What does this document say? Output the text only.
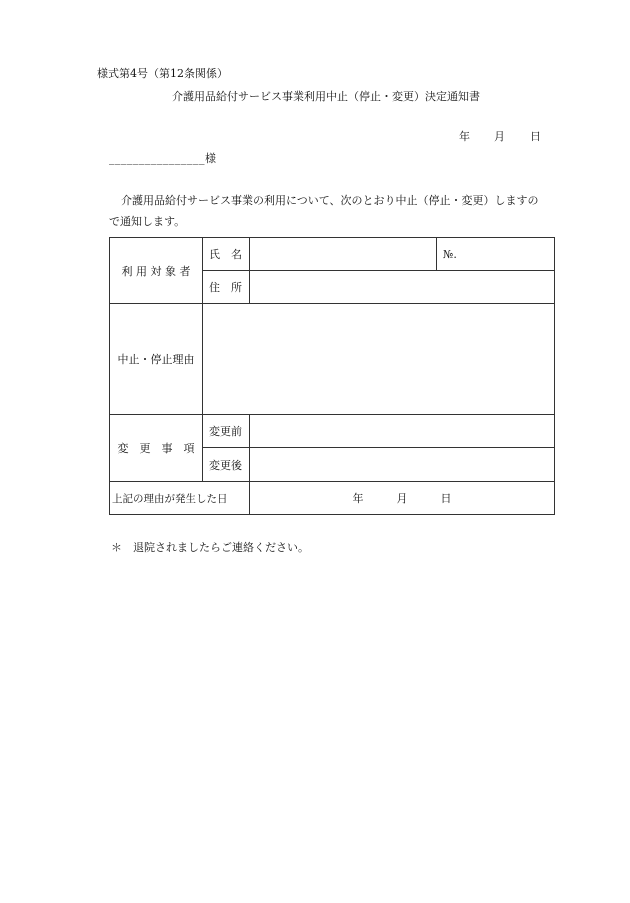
様式第4号（第12条関係）
介護用品給付サービス事業利用中止（停止・変更）決定通知書
年 月 日
________________様
介護用品給付サービス事業の利用について、次のとおり中止（停止・変更）しますの
で通知します。
利 用 対 象 者	氏　名		№.
	住　所		
中止・停止理由			
変　更　事　項	変更前		
	変更後		
上記の理由が発生した日		年　　　月　　　日	
＊　退院されましたらご連絡ください。
